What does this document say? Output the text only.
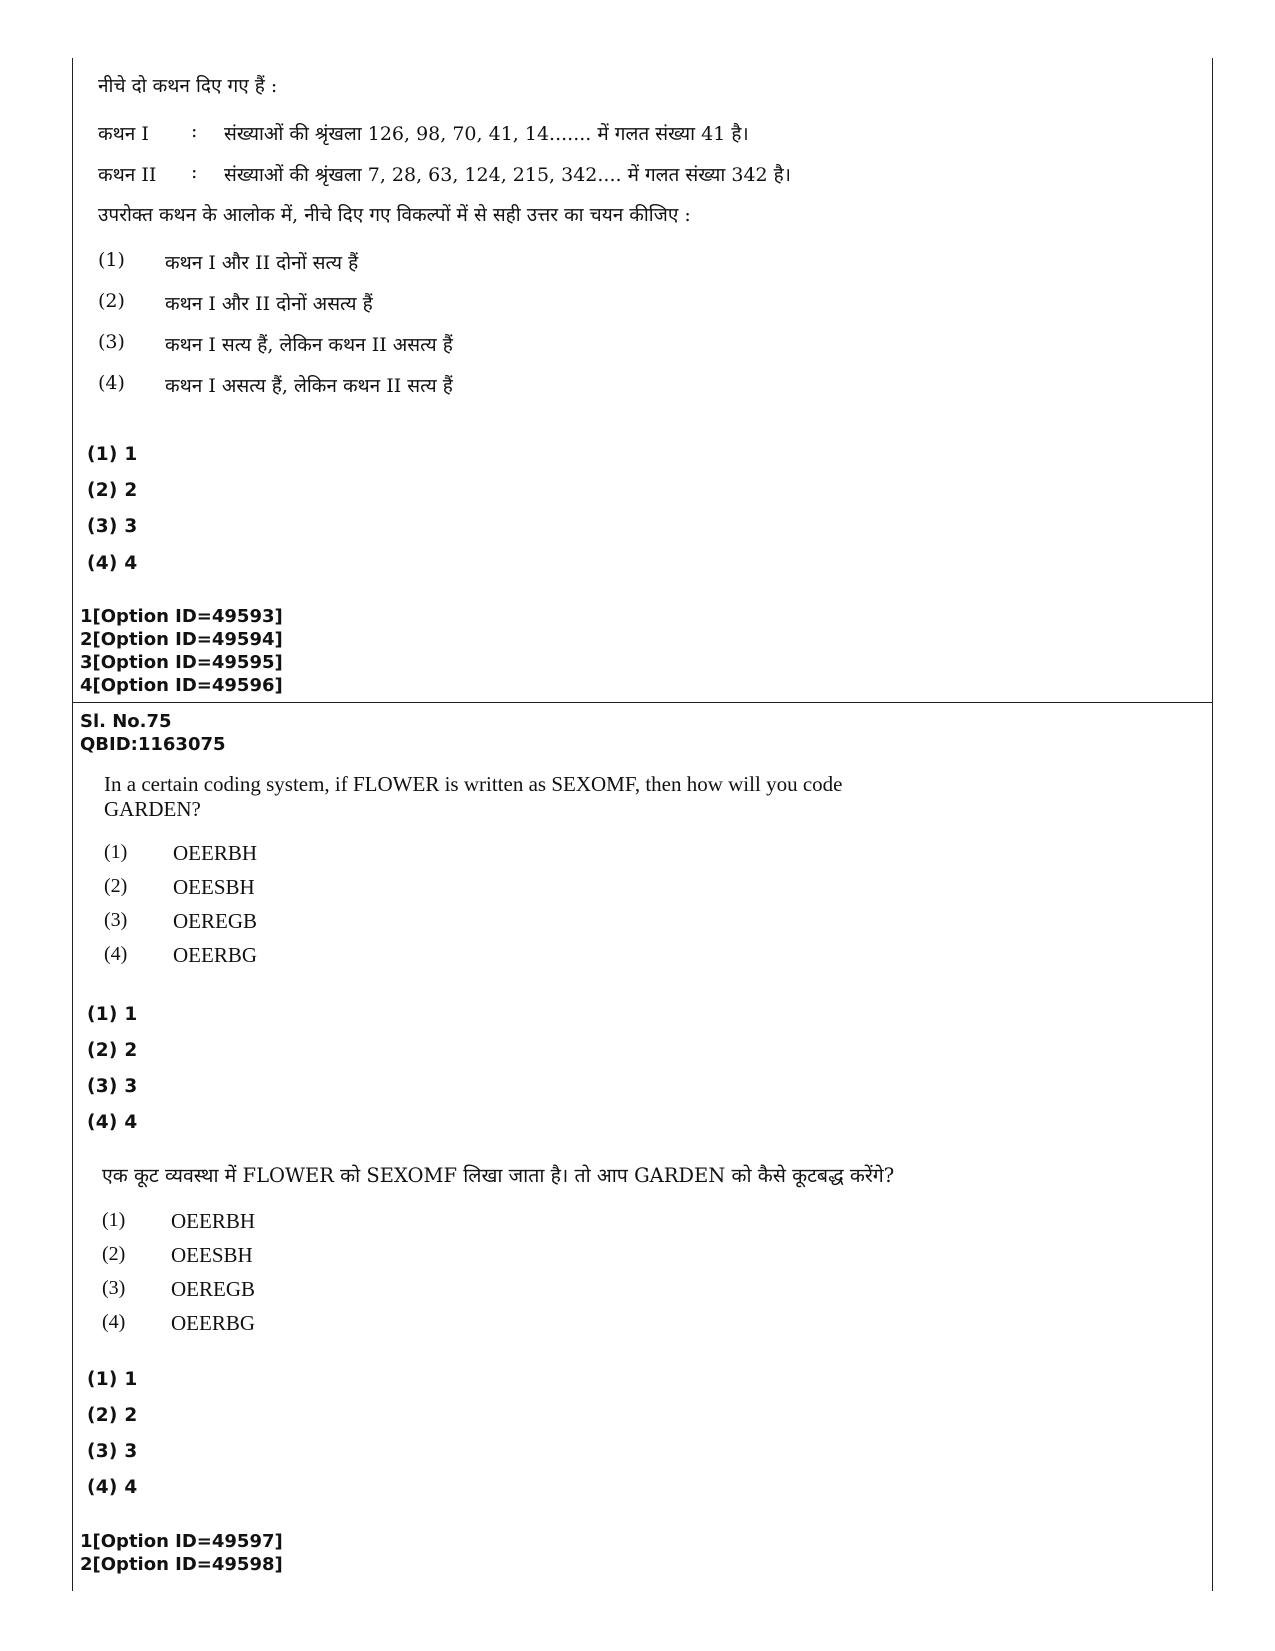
नीचे दो कथन दिए गए हैं :
कथन I : संख्याओं की श्रृंखला 126, 98, 70, 41, 14....... में गलत संख्या 41 है।
कथन II : संख्याओं की श्रृंखला 7, 28, 63, 124, 215, 342.... में गलत संख्या 342 है।
उपरोक्त कथन के आलोक में, नीचे दिए गए विकल्पों में से सही उत्तर का चयन कीजिए :
(1) कथन I और II दोनों सत्य हैं
(2) कथन I और II दोनों असत्य हैं
(3) कथन I सत्य हैं, लेकिन कथन II असत्य हैं
(4) कथन I असत्य हैं, लेकिन कथन II सत्य हैं
(1) 1
(2) 2
(3) 3
(4) 4
1[Option ID=49593]
2[Option ID=49594]
3[Option ID=49595]
4[Option ID=49596]
Sl. No.75
QBID:1163075
In a certain coding system, if FLOWER is written as SEXOMF, then how will you code
GARDEN?
(1) OEERBH
(2) OEESBH
(3) OEREGB
(4) OEERBG
(1) 1
(2) 2
(3) 3
(4) 4
एक कूट व्यवस्था में FLOWER को SEXOMF लिखा जाता है। तो आप GARDEN को कैसे कूटबद्ध करेंगे?
(1) OEERBH
(2) OEESBH
(3) OEREGB
(4) OEERBG
(1) 1
(2) 2
(3) 3
(4) 4
1[Option ID=49597]
2[Option ID=49598]
